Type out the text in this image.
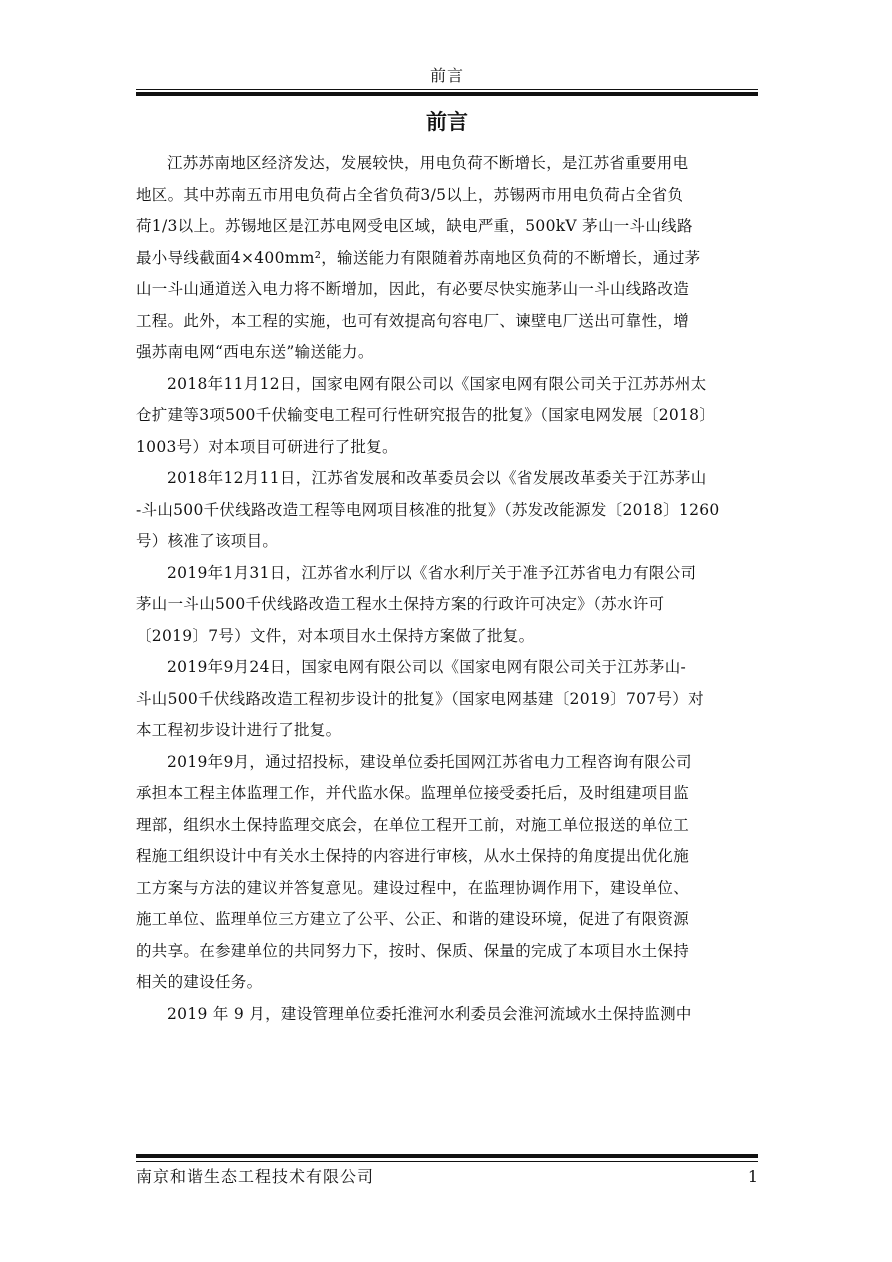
前言
前言

江苏苏南地区经济发达，发展较快，用电负荷不断增长，是江苏省重要用电
地区。其中苏南五市用电负荷占全省负荷3/5以上，苏锡两市用电负荷占全省负
荷1/3以上。苏锡地区是江苏电网受电区域，缺电严重，500kV 茅山一斗山线路
最小导线截面4×400mm²，输送能力有限随着苏南地区负荷的不断增长，通过茅
山一斗山通道送入电力将不断增加，因此，有必要尽快实施茅山一斗山线路改造
工程。此外，本工程的实施，也可有效提高句容电厂、谏壁电厂送出可靠性，增
强苏南电网“西电东送”输送能力。

2018年11月12日，国家电网有限公司以《国家电网有限公司关于江苏苏州太
仓扩建等3项500千伏输变电工程可行性研究报告的批复》（国家电网发展〔2018〕
1003号）对本项目可研进行了批复。

2018年12月11日，江苏省发展和改革委员会以《省发展改革委关于江苏茅山
-斗山500千伏线路改造工程等电网项目核准的批复》（苏发改能源发〔2018〕1260
号）核准了该项目。

2019年1月31日，江苏省水利厅以《省水利厅关于准予江苏省电力有限公司
茅山一斗山500千伏线路改造工程水土保持方案的行政许可决定》（苏水许可
〔2019〕7号）文件，对本项目水土保持方案做了批复。

2019年9月24日，国家电网有限公司以《国家电网有限公司关于江苏茅山-
斗山500千伏线路改造工程初步设计的批复》（国家电网基建〔2019〕707号）对
本工程初步设计进行了批复。

2019年9月，通过招投标，建设单位委托国网江苏省电力工程咨询有限公司
承担本工程主体监理工作，并代监水保。监理单位接受委托后，及时组建项目监
理部，组织水土保持监理交底会，在单位工程开工前，对施工单位报送的单位工
程施工组织设计中有关水土保持的内容进行审核，从水土保持的角度提出优化施
工方案与方法的建议并答复意见。建设过程中，在监理协调作用下，建设单位、
施工单位、监理单位三方建立了公平、公正、和谐的建设环境，促进了有限资源
的共享。在参建单位的共同努力下，按时、保质、保量的完成了本项目水土保持
相关的建设任务。

2019 年 9 月，建设管理单位委托淮河水利委员会淮河流域水土保持监测中

南京和谐生态工程技术有限公司	1
